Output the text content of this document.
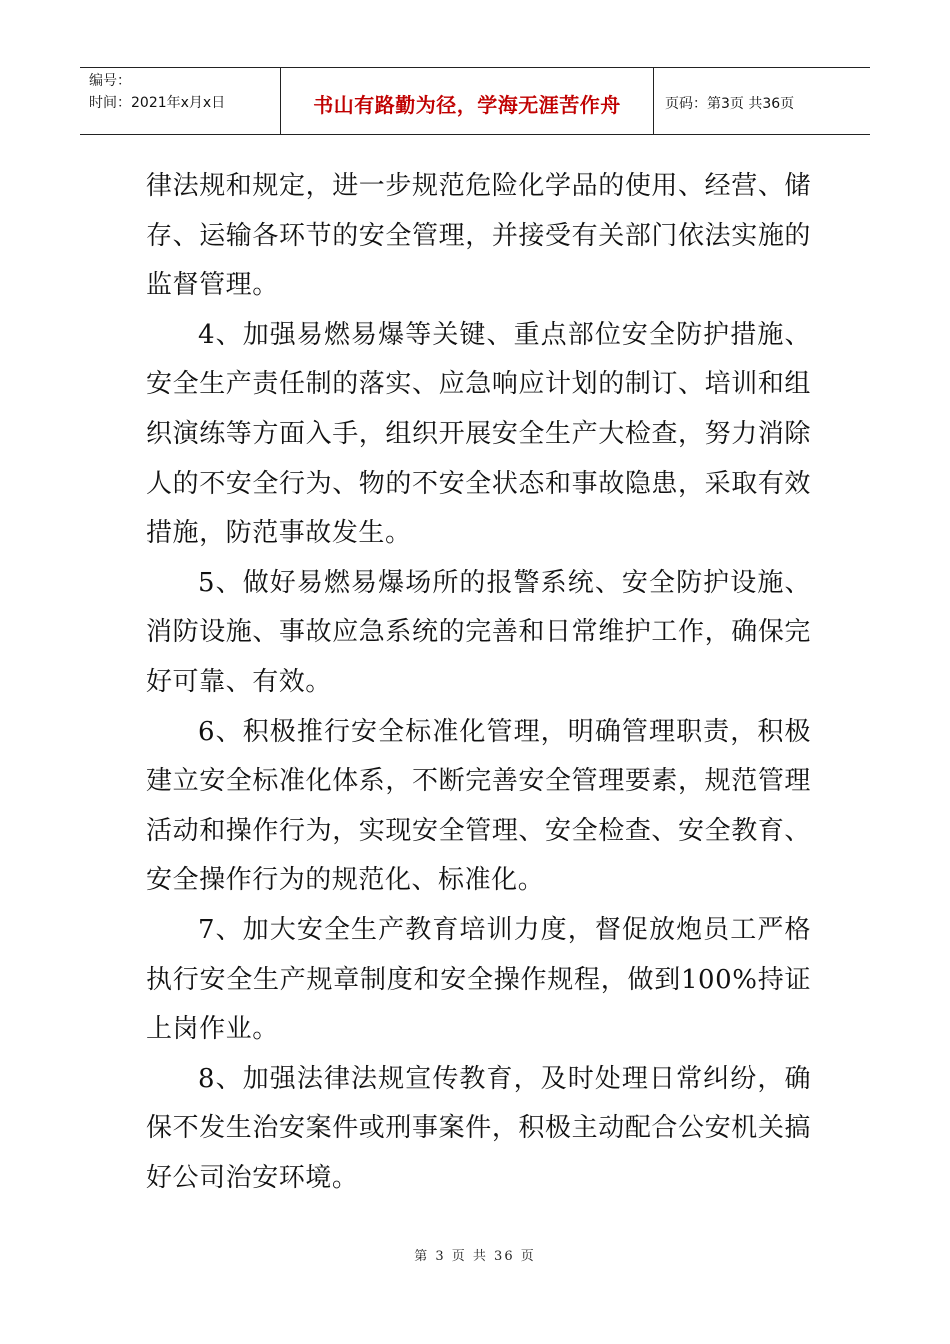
编号：
时间：2021年x月x日	书山有路勤为径，学海无涯苦作舟	页码：第3页 共36页

律法规和规定，进一步规范危险化学品的使用、经营、储存、运输各环节的安全管理，并接受有关部门依法实施的监督管理。

4、加强易燃易爆等关键、重点部位安全防护措施、安全生产责任制的落实、应急响应计划的制订、培训和组织演练等方面入手，组织开展安全生产大检查，努力消除人的不安全行为、物的不安全状态和事故隐患，采取有效措施，防范事故发生。

5、做好易燃易爆场所的报警系统、安全防护设施、消防设施、事故应急系统的完善和日常维护工作，确保完好可靠、有效。

6、积极推行安全标准化管理，明确管理职责，积极建立安全标准化体系，不断完善安全管理要素，规范管理活动和操作行为，实现安全管理、安全检查、安全教育、安全操作行为的规范化、标准化。

7、加大安全生产教育培训力度，督促放炮员工严格执行安全生产规章制度和安全操作规程，做到100%持证上岗作业。

8、加强法律法规宣传教育，及时处理日常纠纷，确保不发生治安案件或刑事案件，积极主动配合公安机关搞好公司治安环境。

第 3 页 共 36 页
